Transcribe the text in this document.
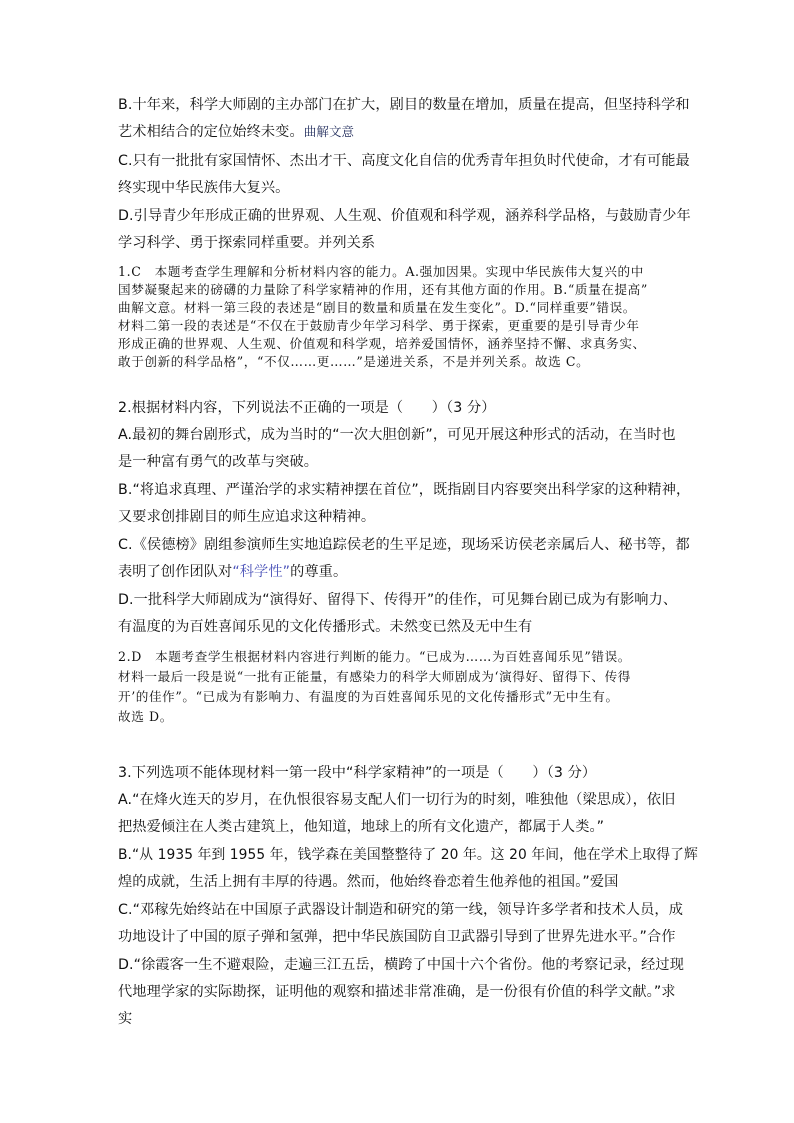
B.十年来，科学大师剧的主办部门在扩大，剧目的数量在增加，质量在提高，但坚持科学和
艺术相结合的定位始终未变。曲解文意
C.只有一批批有家国情怀、杰出才干、高度文化自信的优秀青年担负时代使命，才有可能最
终实现中华民族伟大复兴。
D.引导青少年形成正确的世界观、人生观、价值观和科学观，涵养科学品格，与鼓励青少年
学习科学、勇于探索同样重要。并列关系
1.C　本题考查学生理解和分析材料内容的能力。A.强加因果。实现中华民族伟大复兴的中
国梦凝聚起来的磅礴的力量除了科学家精神的作用，还有其他方面的作用。B.“质量在提高”
曲解文意。材料一第三段的表述是“剧目的数量和质量在发生变化”。D.“同样重要”错误。
材料二第一段的表述是“不仅在于鼓励青少年学习科学、勇于探索，更重要的是引导青少年
形成正确的世界观、人生观、价值观和科学观，培养爱国情怀，涵养坚持不懈、求真务实、
敢于创新的科学品格”，“不仅……更……”是递进关系，不是并列关系。故选 C。
2.根据材料内容，下列说法不正确的一项是（　　）（3 分）
A.最初的舞台剧形式，成为当时的“一次大胆创新”，可见开展这种形式的活动，在当时也
是一种富有勇气的改革与突破。
B.“将追求真理、严谨治学的求实精神摆在首位”，既指剧目内容要突出科学家的这种精神，
又要求创排剧目的师生应追求这种精神。
C.《侯德榜》剧组参演师生实地追踪侯老的生平足迹，现场采访侯老亲属后人、秘书等，都
表明了创作团队对“科学性”的尊重。
D.一批科学大师剧成为“演得好、留得下、传得开”的佳作，可见舞台剧已成为有影响力、
有温度的为百姓喜闻乐见的文化传播形式。未然变已然及无中生有
2.D　本题考查学生根据材料内容进行判断的能力。“已成为……为百姓喜闻乐见”错误。
材料一最后一段是说“一批有正能量，有感染力的科学大师剧成为‘演得好、留得下、传得
开’的佳作”。“已成为有影响力、有温度的为百姓喜闻乐见的文化传播形式”无中生有。
故选 D。
3.下列选项不能体现材料一第一段中“科学家精神”的一项是（　　）（3 分）
A.“在烽火连天的岁月，在仇恨很容易支配人们一切行为的时刻，唯独他（梁思成），依旧
把热爱倾注在人类古建筑上，他知道，地球上的所有文化遗产，都属于人类。”
B.“从 1935 年到 1955 年，钱学森在美国整整待了 20 年。这 20 年间，他在学术上取得了辉
煌的成就，生活上拥有丰厚的待遇。然而，他始终眷恋着生他养他的祖国。”爱国
C.“邓稼先始终站在中国原子武器设计制造和研究的第一线，领导许多学者和技术人员，成
功地设计了中国的原子弹和氢弹，把中华民族国防自卫武器引导到了世界先进水平。”合作
D.“徐霞客一生不避艰险，走遍三江五岳，横跨了中国十六个省份。他的考察记录，经过现
代地理学家的实际勘探，证明他的观察和描述非常准确，是一份很有价值的科学文献。”求
实
